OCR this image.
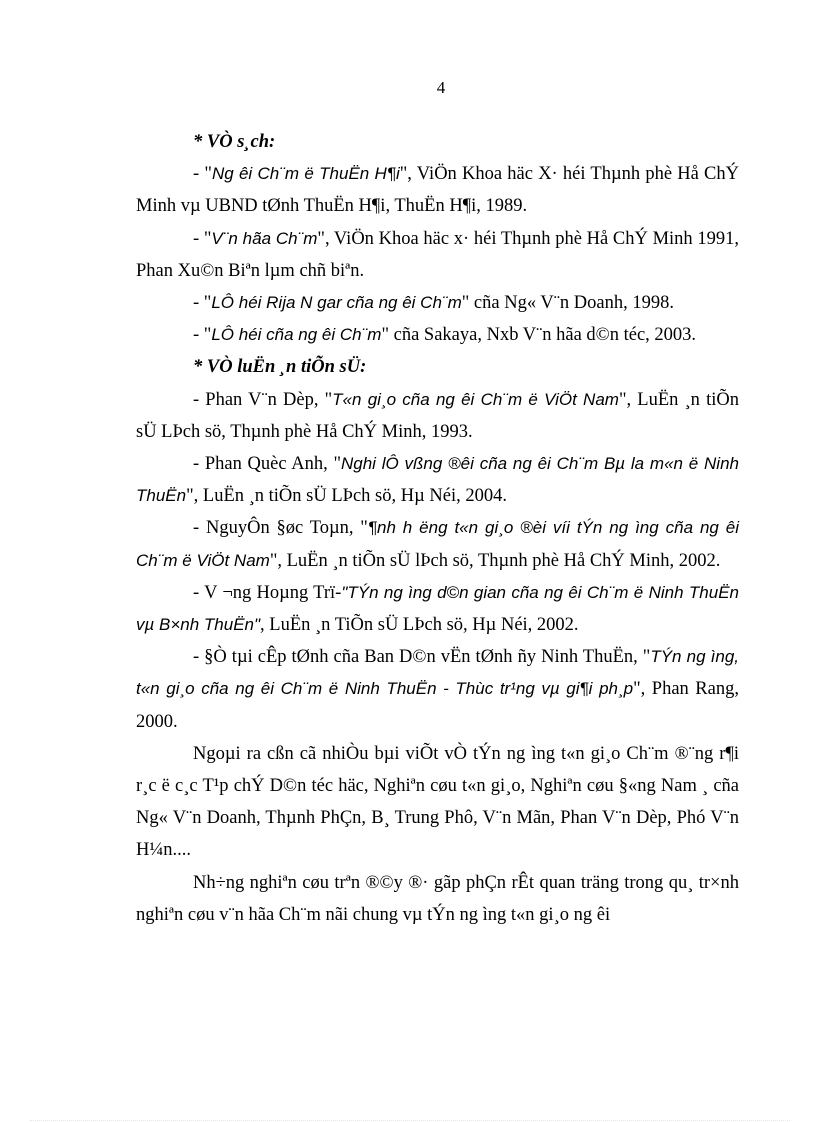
4

* VÒ s¸ch:

- "Ng êi Ch¨m ë ThuËn H¶i", ViÖn Khoa häc X· héi Thµnh phè Hå ChÝ Minh vµ UBND tØnh ThuËn H¶i, ThuËn H¶i, 1989.

- "V¨n hãa Ch¨m", ViÖn Khoa häc x· héi Thµnh phè Hå ChÝ Minh 1991, Phan Xu©n Biªn lµm chñ biªn.

- "LÔ héi Rija N gar cña ng êi Ch¨m" cña Ng« V¨n Doanh, 1998.

- "LÔ héi cña ng êi Ch¨m" cña Sakaya, Nxb V¨n hãa d©n téc, 2003.

* VÒ luËn ¸n tiÕn sÜ:

- Phan V¨n Dèp, "T«n gi¸o cña ng êi Ch¨m ë ViÖt Nam", LuËn ¸n tiÕn sÜ LÞch sö, Thµnh phè Hå ChÝ Minh, 1993.

- Phan Quèc Anh, "Nghi lÔ vßng ®êi cña ng êi Ch¨m Bµ la m«n ë Ninh ThuËn", LuËn ¸n tiÕn sÜ LÞch sö, Hµ Néi, 2004.

- NguyÔn §øc Toµn, "¶nh h ëng t«n gi¸o ®èi víi tÝn ng ìng cña ng êi Ch¨m ë ViÖt Nam", LuËn ¸n tiÕn sÜ lÞch sö, Thµnh phè Hå ChÝ Minh, 2002.

- V ¬ng Hoµng Trï-"TÝn ng ìng d©n gian cña ng êi Ch¨m ë Ninh ThuËn vµ B×nh ThuËn", LuËn ¸n TiÕn sÜ LÞch sö, Hµ Néi, 2002.

- §Ò tµi cÊp tØnh cña Ban D©n vËn tØnh ñy Ninh ThuËn, "TÝn ng ìng, t«n gi¸o cña ng êi Ch¨m ë Ninh ThuËn - Thùc tr¹ng vµ gi¶i ph¸p", Phan Rang, 2000.

Ngoµi ra cßn cã nhiÒu bµi viÕt vÒ tÝn ng ìng t«n gi¸o Ch¨m ®¨ng r¶i r¸c ë c¸c T¹p chÝ D©n téc häc, Nghiªn cøu t«n gi¸o, Nghiªn cøu §«ng Nam ¸ cña Ng« V¨n Doanh, Thµnh PhÇn, B¸ Trung Phô, V¨n Mãn, Phan V¨n Dèp, Phó V¨n H¼n....

Nh÷ng nghiªn cøu trªn ®©y ®· gãp phÇn rÊt quan träng trong qu¸ tr×nh nghiªn cøu v¨n hãa Ch¨m nãi chung vµ tÝn ng ìng t«n gi¸o ng êi
